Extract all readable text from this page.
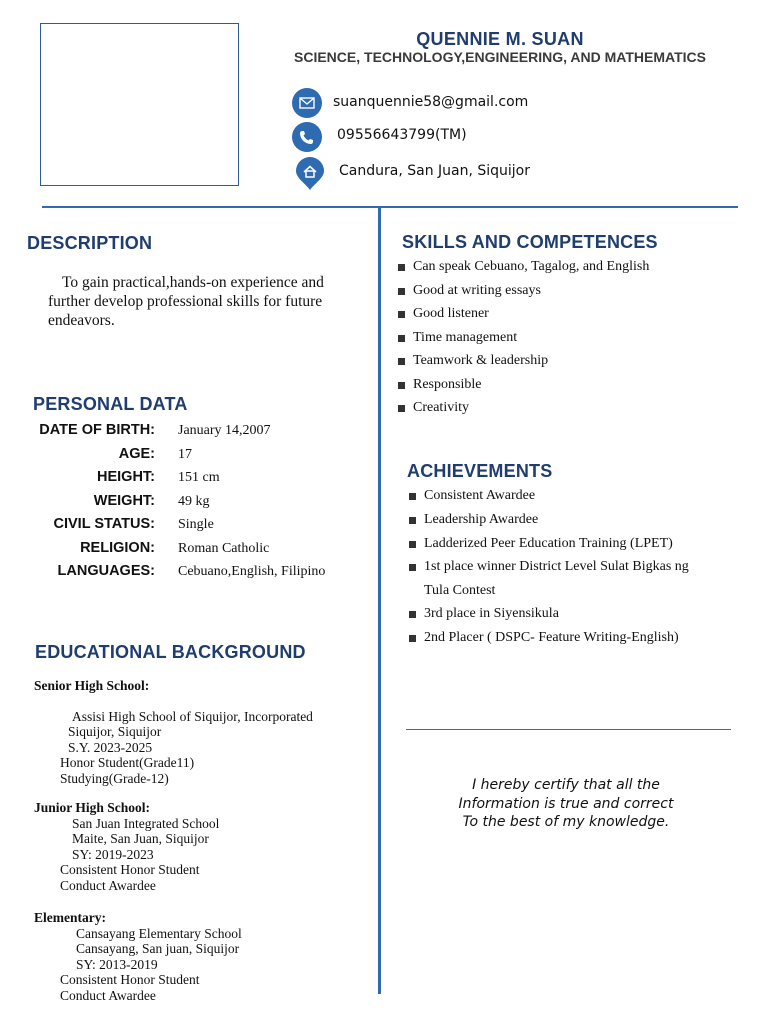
QUENNIE M. SUAN
SCIENCE, TECHNOLOGY,ENGINEERING, AND MATHEMATICS
suanquennie58@gmail.com
09556643799(TM)
Candura, San Juan, Siquijor
DESCRIPTION
To gain practical,hands-on experience and further develop professional skills for future endeavors.
PERSONAL DATA
DATE OF BIRTH: January 14,2007
AGE: 17
HEIGHT: 151 cm
WEIGHT: 49 kg
CIVIL STATUS: Single
RELIGION: Roman Catholic
LANGUAGES: Cebuano,English, Filipino
EDUCATIONAL BACKGROUND
Senior High School:
Assisi High School of Siquijor, Incorporated
Siquijor, Siquijor
S.Y. 2023-2025
Honor Student(Grade11)
Studying(Grade-12)
Junior High School:
San Juan Integrated School
Maite, San Juan, Siquijor
SY: 2019-2023
Consistent Honor Student
Conduct Awardee
Elementary:
Cansayang Elementary School
Cansayang, San juan, Siquijor
SY: 2013-2019
Consistent Honor Student
Conduct Awardee
SKILLS AND COMPETENCES
Can speak Cebuano, Tagalog, and English
Good at writing essays
Good listener
Time management
Teamwork & leadership
Responsible
Creativity
ACHIEVEMENTS
Consistent Awardee
Leadership Awardee
Ladderized Peer Education Training (LPET)
1st place winner District Level Sulat Bigkas ng
Tula Contest
3rd place in Siyensikula
2nd Placer ( DSPC- Feature Writing-English)
I hereby certify that all the
Information is true and correct
To the best of my knowledge.
